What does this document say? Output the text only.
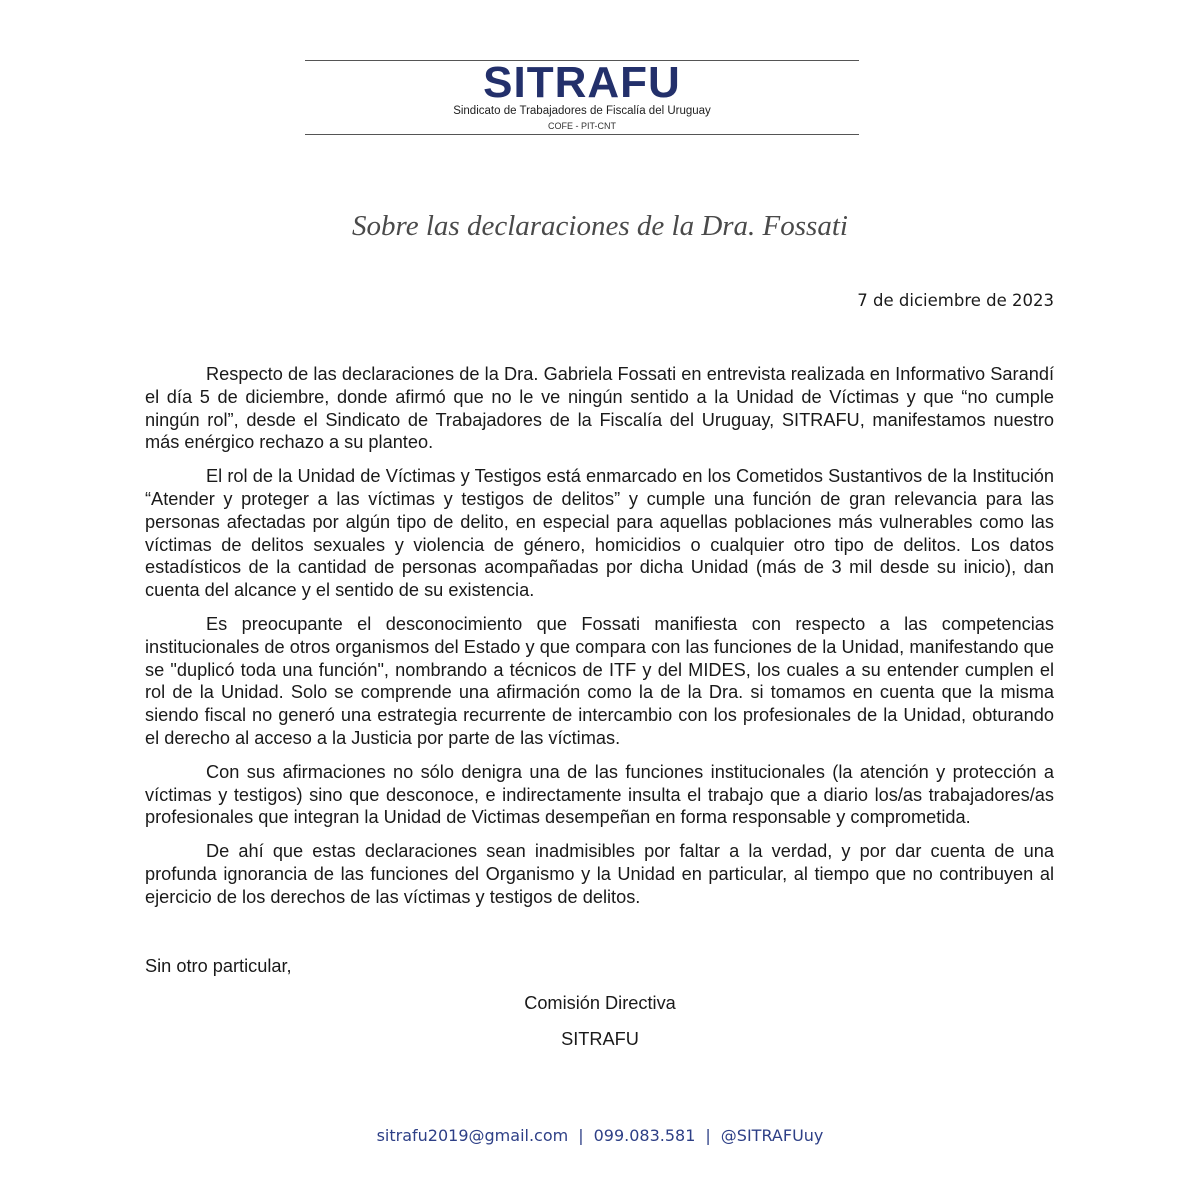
SITRAFU
Sindicato de Trabajadores de Fiscalía del Uruguay
COFE - PIT-CNT
Sobre las declaraciones de la Dra. Fossati
7 de diciembre de 2023

Respecto de las declaraciones de la Dra. Gabriela Fossati en entrevista realizada en Informativo Sarandí el día 5 de diciembre, donde afirmó que no le ve ningún sentido a la Unidad de Víctimas y que “no cumple ningún rol”, desde el Sindicato de Trabajadores de la Fiscalía del Uruguay, SITRAFU, manifestamos nuestro más enérgico rechazo a su planteo.

El rol de la Unidad de Víctimas y Testigos está enmarcado en los Cometidos Sustantivos de la Institución “Atender y proteger a las víctimas y testigos de delitos” y cumple una función de gran relevancia para las personas afectadas por algún tipo de delito, en especial para aquellas poblaciones más vulnerables como las víctimas de delitos sexuales y violencia de género, homicidios o cualquier otro tipo de delitos. Los datos estadísticos de la cantidad de personas acompañadas por dicha Unidad (más de 3 mil desde su inicio), dan cuenta del alcance y el sentido de su existencia.

Es preocupante el desconocimiento que Fossati manifiesta con respecto a las competencias institucionales de otros organismos del Estado y que compara con las funciones de la Unidad, manifestando que se "duplicó toda una función", nombrando a técnicos de ITF y del MIDES, los cuales a su entender cumplen el rol de la Unidad. Solo se comprende una afirmación como la de la Dra. si tomamos en cuenta que la misma siendo fiscal no generó una estrategia recurrente de intercambio con los profesionales de la Unidad, obturando el derecho al acceso a la Justicia por parte de las víctimas.

Con sus afirmaciones no sólo denigra una de las funciones institucionales (la atención y protección a víctimas y testigos) sino que desconoce, e indirectamente insulta el trabajo que a diario los/as trabajadores/as profesionales que integran la Unidad de Victimas desempeñan en forma responsable y comprometida.

De ahí que estas declaraciones sean inadmisibles por faltar a la verdad, y por dar cuenta de una profunda ignorancia de las funciones del Organismo y la Unidad en particular, al tiempo que no contribuyen al ejercicio de los derechos de las víctimas y testigos de delitos.

Sin otro particular,
Comisión Directiva
SITRAFU
sitrafu2019@gmail.com | 099.083.581 | @SITRAFUuy
